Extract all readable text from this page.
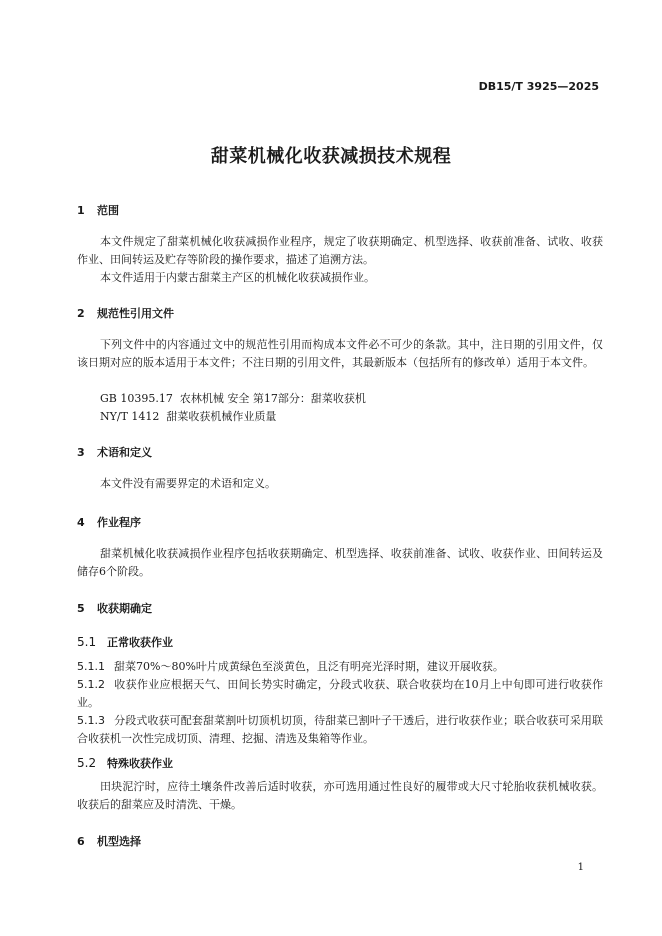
DB15/T 3925—2025
甜菜机械化收获减损技术规程
1 范围
本文件规定了甜菜机械化收获减损作业程序，规定了收获期确定、机型选择、收获前准备、试收、收获作业、田间转运及贮存等阶段的操作要求，描述了追溯方法。
本文件适用于内蒙古甜菜主产区的机械化收获减损作业。
2 规范性引用文件
下列文件中的内容通过文中的规范性引用而构成本文件必不可少的条款。其中，注日期的引用文件，仅该日期对应的版本适用于本文件；不注日期的引用文件，其最新版本（包括所有的修改单）适用于本文件。
GB 10395.17  农林机械 安全 第17部分：甜菜收获机
NY/T 1412  甜菜收获机械作业质量
3 术语和定义
本文件没有需要界定的术语和定义。
4 作业程序
甜菜机械化收获减损作业程序包括收获期确定、机型选择、收获前准备、试收、收获作业、田间转运及储存6个阶段。
5 收获期确定
5.1 正常收获作业
5.1.1 甜菜70%～80%叶片成黄绿色至淡黄色，且泛有明亮光泽时期，建议开展收获。
5.1.2 收获作业应根据天气、田间长势实时确定，分段式收获、联合收获均在10月上中旬即可进行收获作业。
5.1.3 分段式收获可配套甜菜割叶切顶机切顶，待甜菜已割叶子干透后，进行收获作业；联合收获可采用联合收获机一次性完成切顶、清理、挖掘、清选及集箱等作业。
5.2 特殊收获作业
田块泥泞时，应待土壤条件改善后适时收获，亦可选用通过性良好的履带或大尺寸轮胎收获机械收获。收获后的甜菜应及时清洗、干燥。
6 机型选择
1
